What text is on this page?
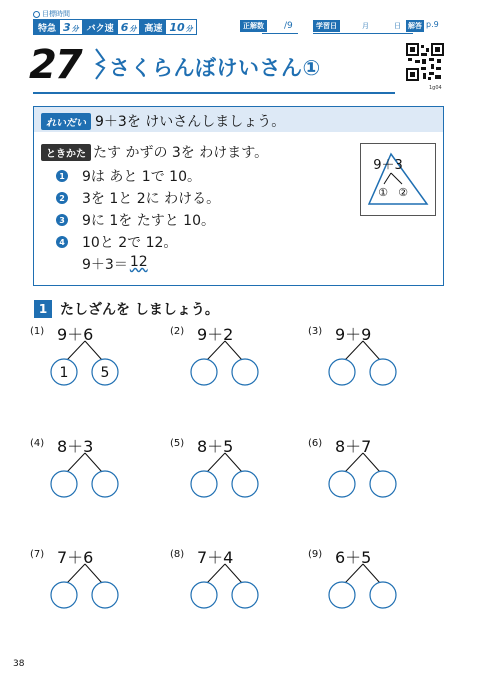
目標時間
特急 3 分 バク速 6 分 高速 10 分	正解数	/9	学習日	月	日 解答 p.9
1g04
27 さくらんぼけいさん①
れいだい 9＋3を けいさんしましょう。
ときかた たす かずの 3を わけます。
1 9は あと 1で 10。
2 3を 1と 2に わける。
3 9に 1を たすと 10。
4 10と 2で 12。
9＋3＝ 12
9＋3
① ②
1 たしざんを しましょう。
(1) 9＋6
1 5
(2) 9＋2	(3) 9＋9
(4) 8＋3	(5) 8＋5	(6) 8＋7
(7) 7＋6	(8) 7＋4	(9) 6＋5
38
